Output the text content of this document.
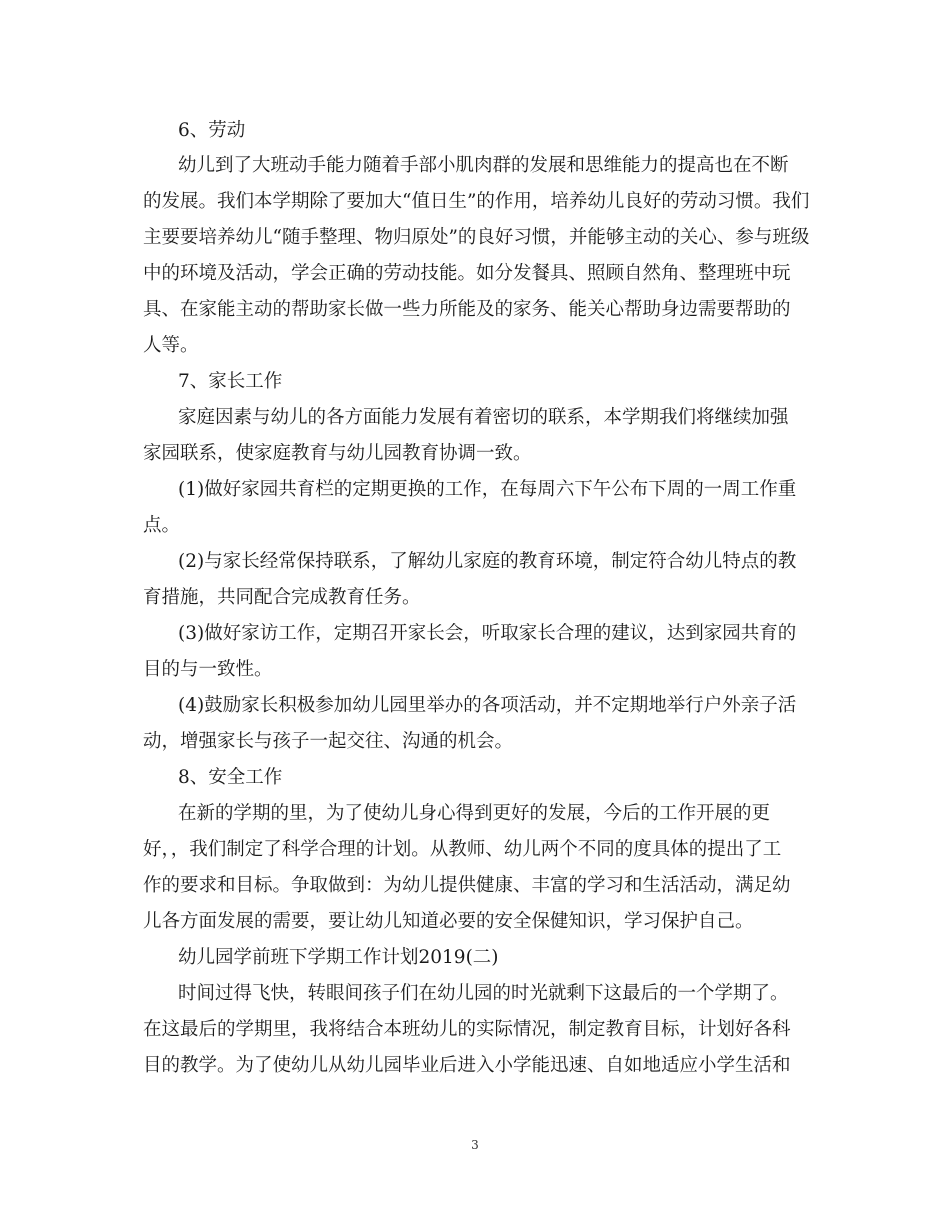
6、劳动
幼儿到了大班动手能力随着手部小肌肉群的发展和思维能力的提高也在不断
的发展。我们本学期除了要加大“值日生”的作用，培养幼儿良好的劳动习惯。我们
主要要培养幼儿“随手整理、物归原处”的良好习惯，并能够主动的关心、参与班级
中的环境及活动，学会正确的劳动技能。如分发餐具、照顾自然角、整理班中玩
具、在家能主动的帮助家长做一些力所能及的家务、能关心帮助身边需要帮助的
人等。
7、家长工作
家庭因素与幼儿的各方面能力发展有着密切的联系，本学期我们将继续加强
家园联系，使家庭教育与幼儿园教育协调一致。
(1)做好家园共育栏的定期更换的工作，在每周六下午公布下周的一周工作重
点。
(2)与家长经常保持联系，了解幼儿家庭的教育环境，制定符合幼儿特点的教
育措施，共同配合完成教育任务。
(3)做好家访工作，定期召开家长会，听取家长合理的建议，达到家园共育的
目的与一致性。
(4)鼓励家长积极参加幼儿园里举办的各项活动，并不定期地举行户外亲子活
动，增强家长与孩子一起交往、沟通的机会。
8、安全工作
在新的学期的里，为了使幼儿身心得到更好的发展，今后的工作开展的更
好，，我们制定了科学合理的计划。从教师、幼儿两个不同的度具体的提出了工
作的要求和目标。争取做到：为幼儿提供健康、丰富的学习和生活活动，满足幼
儿各方面发展的需要，要让幼儿知道必要的安全保健知识，学习保护自己。
幼儿园学前班下学期工作计划2019(二)
时间过得飞快，转眼间孩子们在幼儿园的时光就剩下这最后的一个学期了。
在这最后的学期里，我将结合本班幼儿的实际情况，制定教育目标，计划好各科
目的教学。为了使幼儿从幼儿园毕业后进入小学能迅速、自如地适应小学生活和
3
